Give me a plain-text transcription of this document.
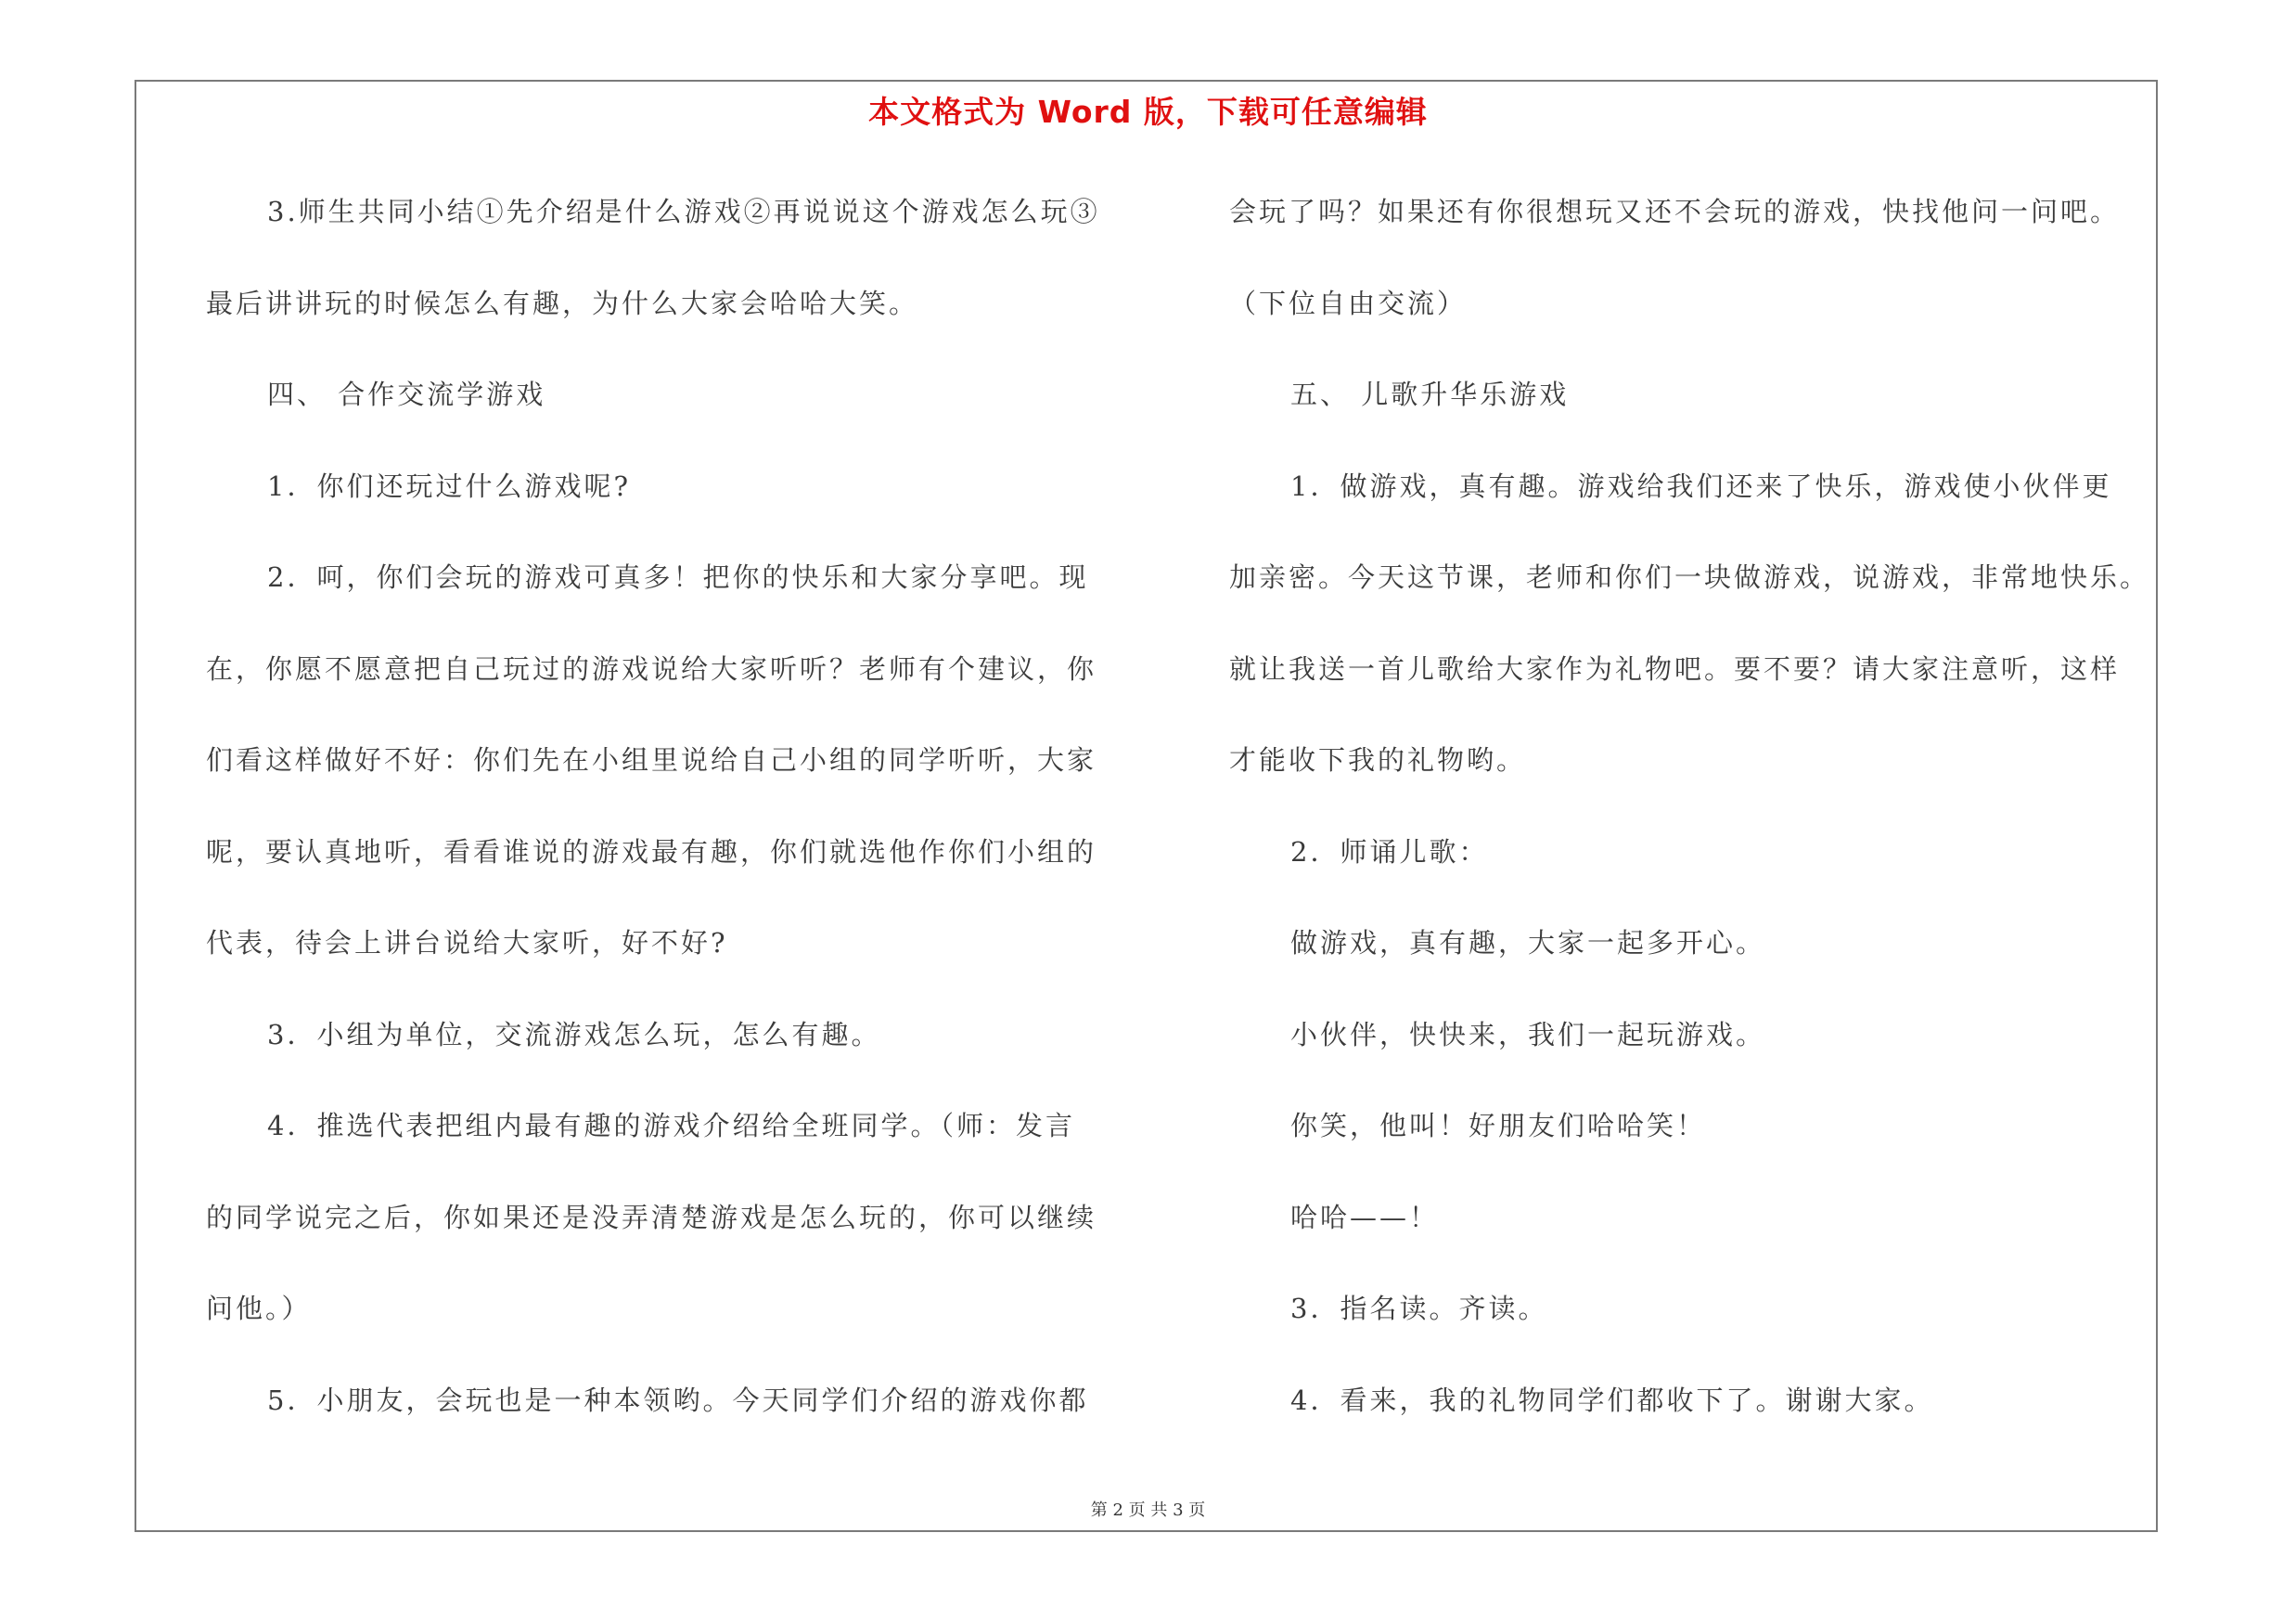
本文格式为 Word 版，下载可任意编辑
3.师生共同小结①先介绍是什么游戏②再说说这个游戏怎么玩③
最后讲讲玩的时候怎么有趣，为什么大家会哈哈大笑。
四、 合作交流学游戏
1．你们还玩过什么游戏呢?
2．呵，你们会玩的游戏可真多！把你的快乐和大家分享吧。现
在，你愿不愿意把自己玩过的游戏说给大家听听？老师有个建议，你
们看这样做好不好：你们先在小组里说给自己小组的同学听听，大家
呢，要认真地听，看看谁说的游戏最有趣，你们就选他作你们小组的
代表，待会上讲台说给大家听，好不好?
3．小组为单位，交流游戏怎么玩，怎么有趣。
4．推选代表把组内最有趣的游戏介绍给全班同学。（师：发言
的同学说完之后，你如果还是没弄清楚游戏是怎么玩的，你可以继续
问他。）
5．小朋友，会玩也是一种本领哟。今天同学们介绍的游戏你都
会玩了吗？如果还有你很想玩又还不会玩的游戏，快找他问一问吧。
（下位自由交流）
五、 儿歌升华乐游戏
1．做游戏，真有趣。游戏给我们还来了快乐，游戏使小伙伴更
加亲密。今天这节课，老师和你们一块做游戏，说游戏，非常地快乐。
就让我送一首儿歌给大家作为礼物吧。要不要？请大家注意听，这样
才能收下我的礼物哟。
2．师诵儿歌：
做游戏，真有趣，大家一起多开心。
小伙伴，快快来，我们一起玩游戏。
你笑，他叫！好朋友们哈哈笑！
哈哈——！
3．指名读。齐读。
4．看来，我的礼物同学们都收下了。谢谢大家。
第 2 页 共 3 页
